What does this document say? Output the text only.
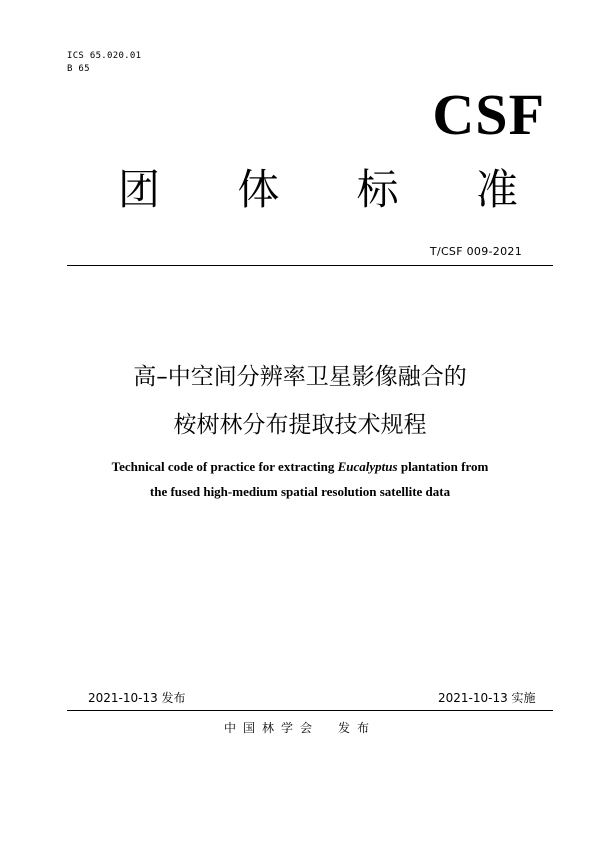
ICS 65.020.01
B 65
CSF
团 体 标 准
T/CSF 009-2021
高–中空间分辨率卫星影像融合的
桉树林分布提取技术规程
Technical code of practice for extracting Eucalyptus plantation from
the fused high-medium spatial resolution satellite data
2021-10-13 发布	2021-10-13 实施
中国林学会　发布
